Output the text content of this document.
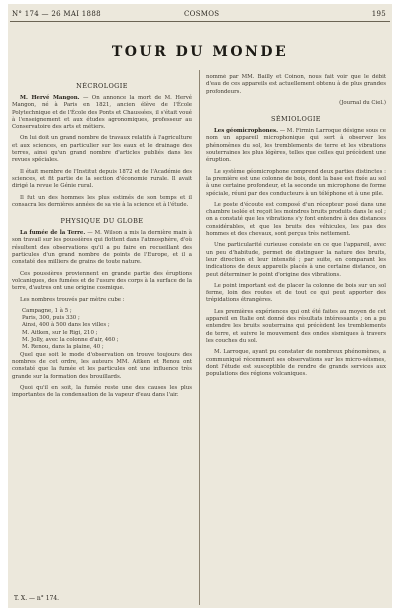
N° 174 — 26 MAI 1888	COSMOS	195
TOUR DU MONDE
NÉCROLOGIE

M. Hervé Mangon. — On annonce la mort de M. Hervé Mangon, né à Paris en 1821, ancien élève de l'École Polytechnique et de l'École des Ponts et Chaussées, il s'était voué à l'enseignement et aux études agronomiques, professeur au Conservatoire des arts et métiers.

On lui doit un grand nombre de travaux relatifs à l'agriculture et aux sciences, en particulier sur les eaux et le drainage des terres, ainsi qu'un grand nombre d'articles publiés dans les revues spéciales.

Il était membre de l'Institut depuis 1872 et de l'Académie des sciences, et fit partie de la section d'économie rurale. Il avait dirigé la revue le Génie rural.

Il fut un des hommes les plus estimés de son temps et il consacra les dernières années de sa vie à la science et à l'étude.

PHYSIQUE DU GLOBE

La fumée de la Terre. — M. Wilson a mis la dernière main à son travail sur les poussières qui flottent dans l'atmosphère, d'où résultent des observations qu'il a pu faire en recueillant des particules d'un grand nombre de points de l'Europe, et il a constaté des milliers de grains de toute nature.

Ces poussières proviennent en grande partie des éruptions volcaniques, des fumées et de l'usure des corps à la surface de la terre, d'autres ont une origine cosmique.

Les nombres trouvés par mètre cube :

Campagne, 1 à 5 ;

Paris, 300, puis 330 ;

Ainsi, 400 à 500 dans les villes ;

M. Aitken, sur le Rigi, 210 ;

M. Jolly, avec la colonne d'air, 460 ;

M. Renou, dans la plaine, 40 ;

Quel que soit le mode d'observation on trouve toujours des nombres de cet ordre, les auteurs MM. Aitken et Renou ont constaté que la fumée et les particules ont une influence très grande sur la formation des brouillards.

Quoi qu'il en soit, la fumée reste une des causes les plus importantes de la condensation de la vapeur d'eau dans l'air.

nommé par MM. Bailly et Coinon, nous fait voir que le débit d'eau de ces appareils est actuellement obtenu à de plus grandes profondeurs.

(Journal du Ciel.)

SÉMIOLOGIE

Les géomicrophones. — M. Firmin Larroque désigne sous ce nom un appareil microphonique qui sert à observer les phénomènes du sol, les tremblements de terre et les vibrations souterraines les plus légères, telles que celles qui précèdent une éruption.

Le système géomicrophone comprend deux parties distinctes : la première est une colonne de bois, dont la base est fixée au sol à une certaine profondeur, et la seconde un microphone de forme spéciale, réuni par des conducteurs à un téléphone et à une pile.

Le poste d'écoute est composé d'un récepteur posé dans une chambre isolée et reçoit les moindres bruits produits dans le sol ; on a constaté que les vibrations s'y font entendre à des distances considérables, et que les bruits des véhicules, les pas des hommes et des chevaux, sont perçus très nettement.

Une particularité curieuse consiste en ce que l'appareil, avec un peu d'habitude, permet de distinguer la nature des bruits, leur direction et leur intensité ; par suite, en comparant les indications de deux appareils placés à une certaine distance, on peut déterminer le point d'origine des vibrations.

Le point important est de placer la colonne de bois sur un sol ferme, loin des routes et de tout ce qui peut apporter des trépidations étrangères.

Les premières expériences qui ont été faites au moyen de cet appareil en Italie ont donné des résultats intéressants ; on a pu entendre les bruits souterrains qui précèdent les tremblements de terre, et suivre le mouvement des ondes sismiques à travers les couches du sol.

M. Larroque, ayant pu constater de nombreux phénomènes, a communiqué récemment ses observations sur les micro-séismes, dont l'étude est susceptible de rendre de grands services aux populations des régions volcaniques.

T. X. — n° 174.
